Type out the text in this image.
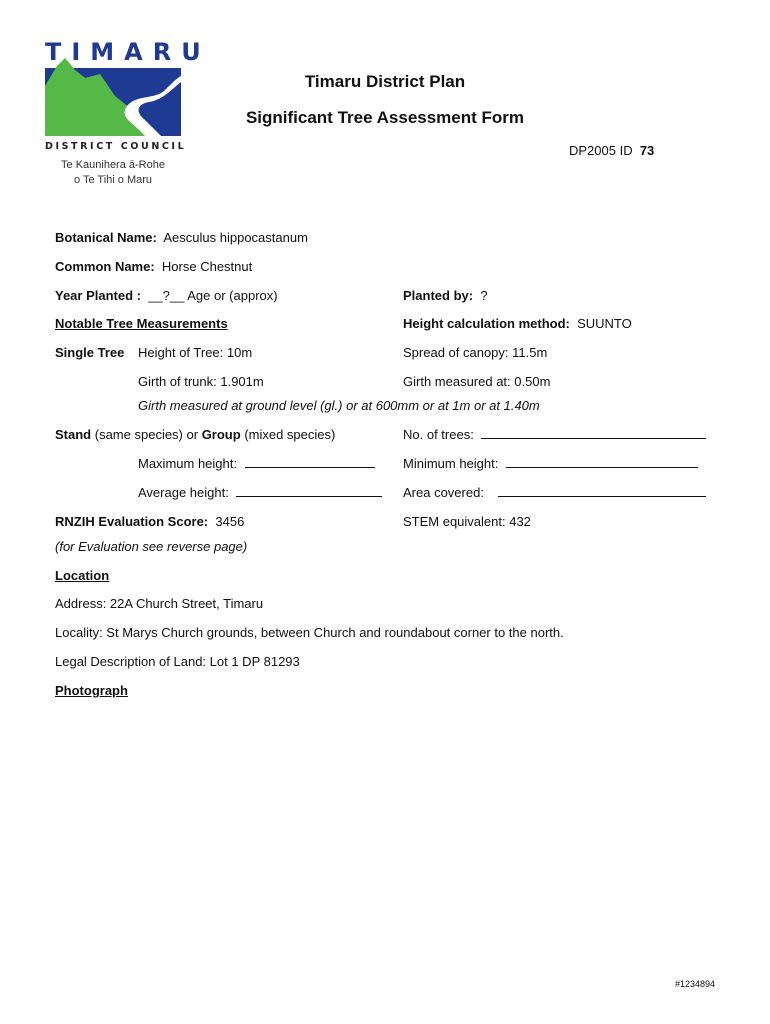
TIMARU
DISTRICT COUNCIL
Te Kaunihera ā-Rohe
o Te Tihi o Maru
Timaru District Plan
Significant Tree Assessment Form
DP2005 ID 73
Botanical Name: Aesculus hippocastanum
Common Name: Horse Chestnut
Year Planted : __?__ Age or (approx)	Planted by: ?
Notable Tree Measurements	Height calculation method: SUUNTO
Single Tree Height of Tree: 10m	Spread of canopy: 11.5m
Girth of trunk: 1.901m	Girth measured at: 0.50m
Girth measured at ground level (gl.) or at 600mm or at 1m or at 1.40m
Stand (same species) or Group (mixed species)	No. of trees:
Maximum height:	Minimum height:
Average height:	Area covered:
RNZIH Evaluation Score: 3456	STEM equivalent: 432
(for Evaluation see reverse page)
Location
Address: 22A Church Street, Timaru
Locality: St Marys Church grounds, between Church and roundabout corner to the north.
Legal Description of Land: Lot 1 DP 81293
Photograph
#1234894
